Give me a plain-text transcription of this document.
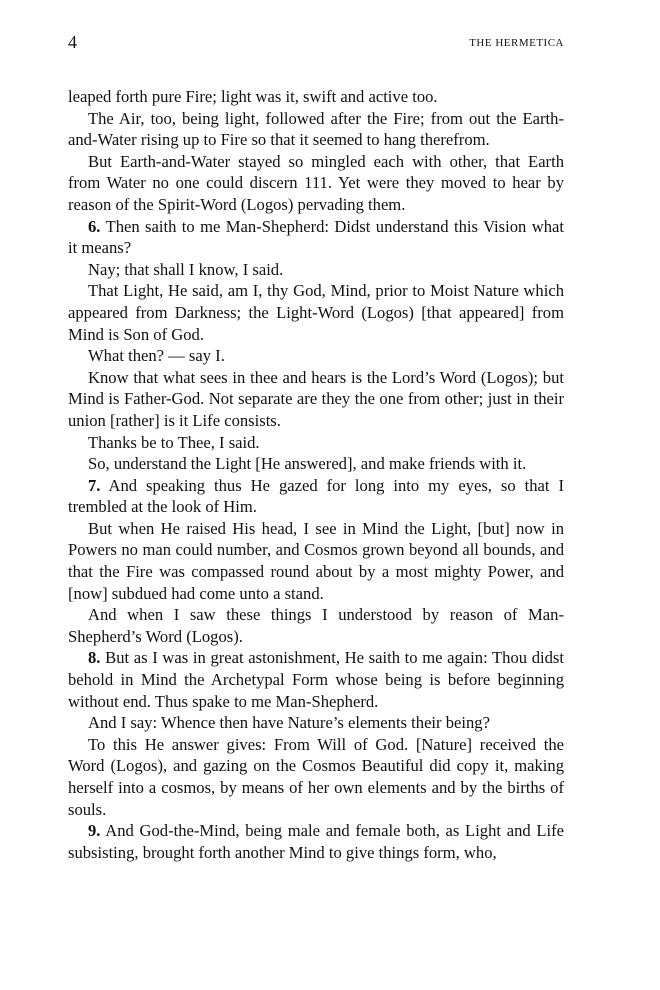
4	THE HERMETICA

leaped forth pure Fire; light was it, swift and active too.

The Air, too, being light, followed after the Fire; from out the Earth-and-Water rising up to Fire so that it seemed to hang therefrom.

But Earth-and-Water stayed so mingled each with other, that Earth from Water no one could discern 111. Yet were they moved to hear by reason of the Spirit-Word (Logos) pervading them.

6. Then saith to me Man-Shepherd: Didst understand this Vision what it means?

Nay; that shall I know, I said.

That Light, He said, am I, thy God, Mind, prior to Moist Nature which appeared from Darkness; the Light-Word (Logos) [that appeared] from Mind is Son of God.

What then? — say I.

Know that what sees in thee and hears is the Lord’s Word (Logos); but Mind is Father-God. Not separate are they the one from other; just in their union [rather] is it Life consists.

Thanks be to Thee, I said.

So, understand the Light [He answered], and make friends with it.

7. And speaking thus He gazed for long into my eyes, so that I trembled at the look of Him.

But when He raised His head, I see in Mind the Light, [but] now in Powers no man could number, and Cosmos grown beyond all bounds, and that the Fire was compassed round about by a most mighty Power, and [now] subdued had come unto a stand.

And when I saw these things I understood by reason of Man-Shepherd’s Word (Logos).

8. But as I was in great astonishment, He saith to me again: Thou didst behold in Mind the Archetypal Form whose being is before beginning without end. Thus spake to me Man-Shepherd.

And I say: Whence then have Nature’s elements their being?

To this He answer gives: From Will of God. [Nature] received the Word (Logos), and gazing on the Cosmos Beautiful did copy it, making herself into a cosmos, by means of her own elements and by the births of souls.

9. And God-the-Mind, being male and female both, as Light and Life subsisting, brought forth another Mind to give things form, who,
